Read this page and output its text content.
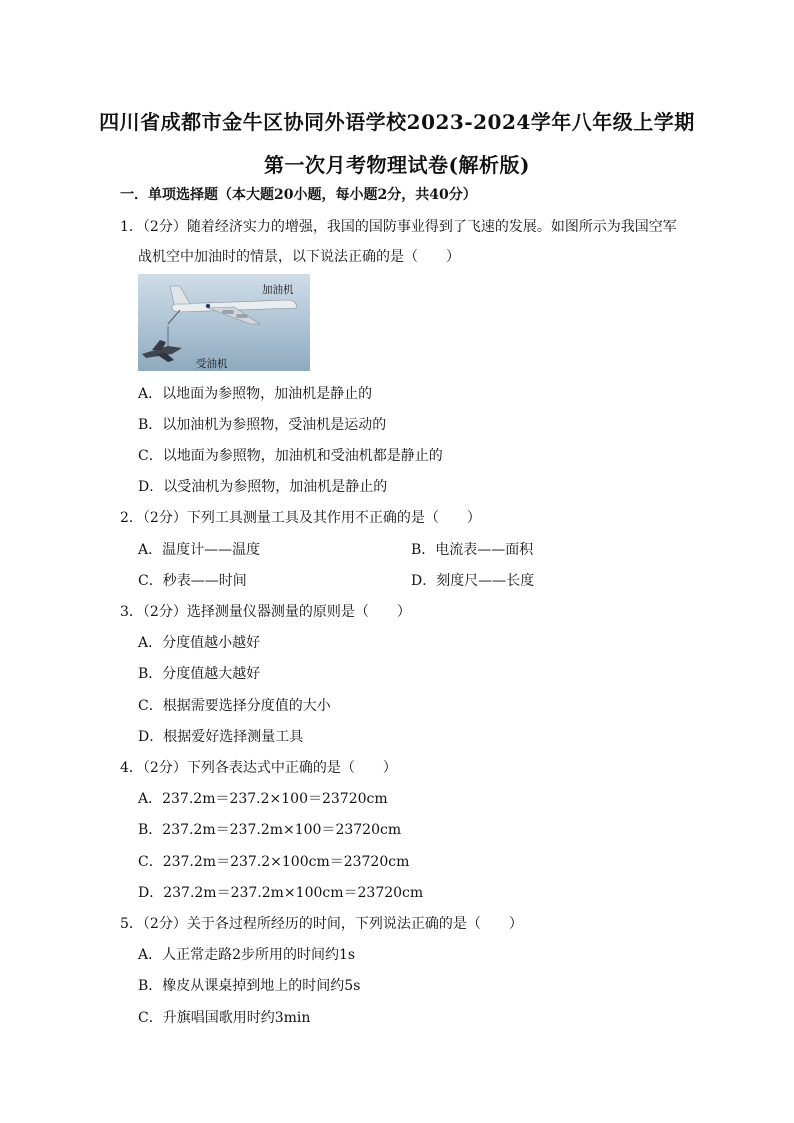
四川省成都市金牛区协同外语学校2023-2024学年八年级上学期
第一次月考物理试卷(解析版)
一．单项选择题（本大题20小题，每小题2分，共40分）
1．（2分）随着经济实力的增强，我国的国防事业得到了飞速的发展。如图所示为我国空军
战机空中加油时的情景，以下说法正确的是（　　）
加油机
受油机
A．以地面为参照物，加油机是静止的
B．以加油机为参照物，受油机是运动的
C．以地面为参照物，加油机和受油机都是静止的
D．以受油机为参照物，加油机是静止的
2．（2分）下列工具测量工具及其作用不正确的是（　　）
A．温度计——温度	B．电流表——面积
C．秒表——时间	D．刻度尺——长度
3．（2分）选择测量仪器测量的原则是（　　）
A．分度值越小越好
B．分度值越大越好
C．根据需要选择分度值的大小
D．根据爱好选择测量工具
4．（2分）下列各表达式中正确的是（　　）
A．237.2m＝237.2×100＝23720cm
B．237.2m＝237.2m×100＝23720cm
C．237.2m＝237.2×100cm＝23720cm
D．237.2m＝237.2m×100cm＝23720cm
5．（2分）关于各过程所经历的时间，下列说法正确的是（　　）
A．人正常走路2步所用的时间约1s
B．橡皮从课桌掉到地上的时间约5s
C．升旗唱国歌用时约3min
